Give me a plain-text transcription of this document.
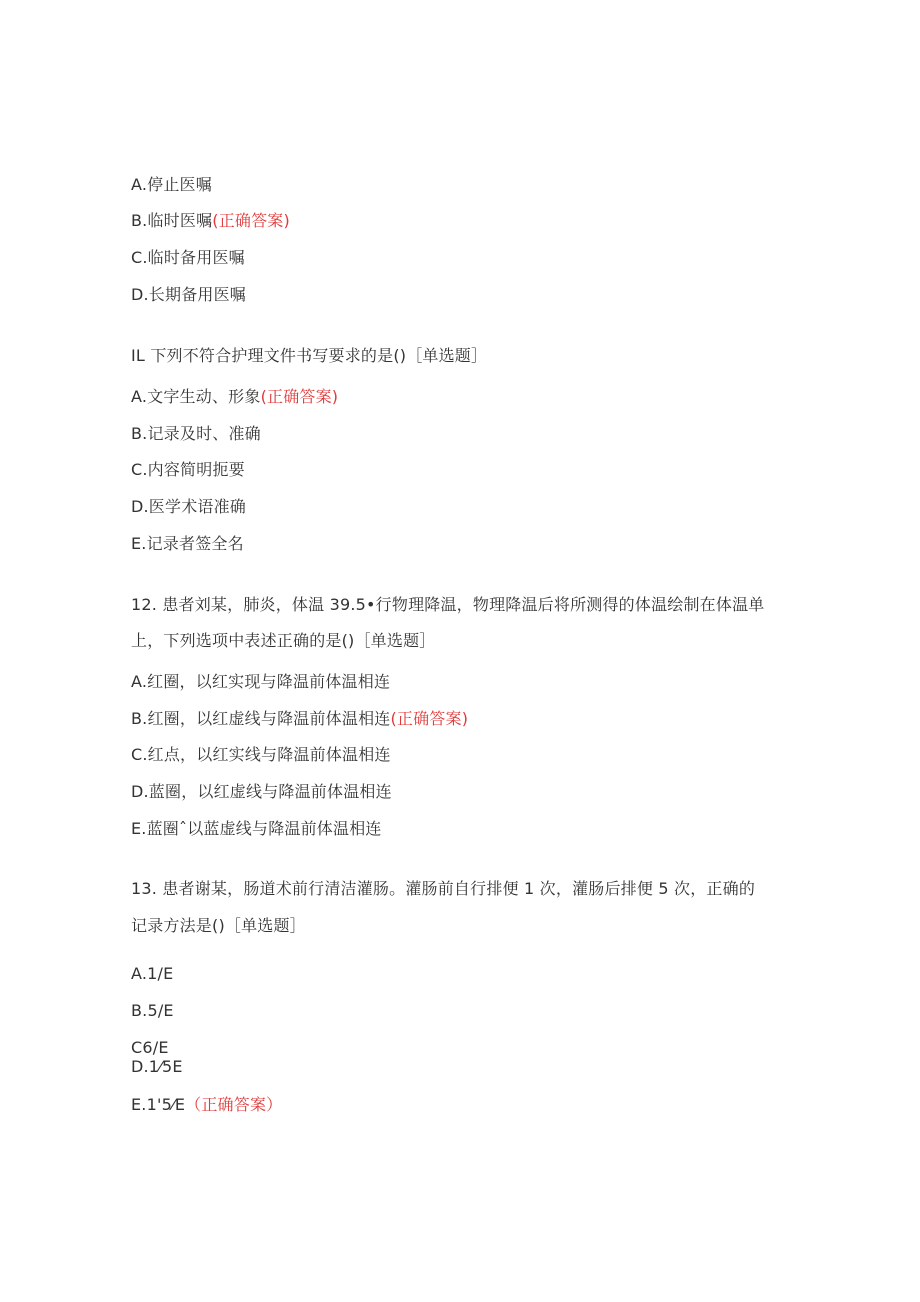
A.停止医嘱
B.临时医嘱(正确答案)
C.临时备用医嘱
D.长期备用医嘱
IL 下列不符合护理文件书写要求的是()［单选题］
A.文字生动、形象(正确答案)
B.记录及时、准确
C.内容简明扼要
D.医学术语准确
E.记录者签全名
12. 患者刘某，肺炎，体温 39.5•行物理降温，物理降温后将所测得的体温绘制在体温单
上，下列选项中表述正确的是()［单选题］
A.红圈，以红实现与降温前体温相连
B.红圈，以红虚线与降温前体温相连(正确答案)
C.红点，以红实线与降温前体温相连
D.蓝圈，以红虚线与降温前体温相连
E.蓝圈ˆ以蓝虚线与降温前体温相连
13. 患者谢某，肠道术前行清洁灌肠。灌肠前自行排便 1 次，灌肠后排便 5 次，正确的
记录方法是()［单选题］
A.1/E
B.5/E
C6/E
D.1⁄5E
E.1'5⁄E（正确答案）
